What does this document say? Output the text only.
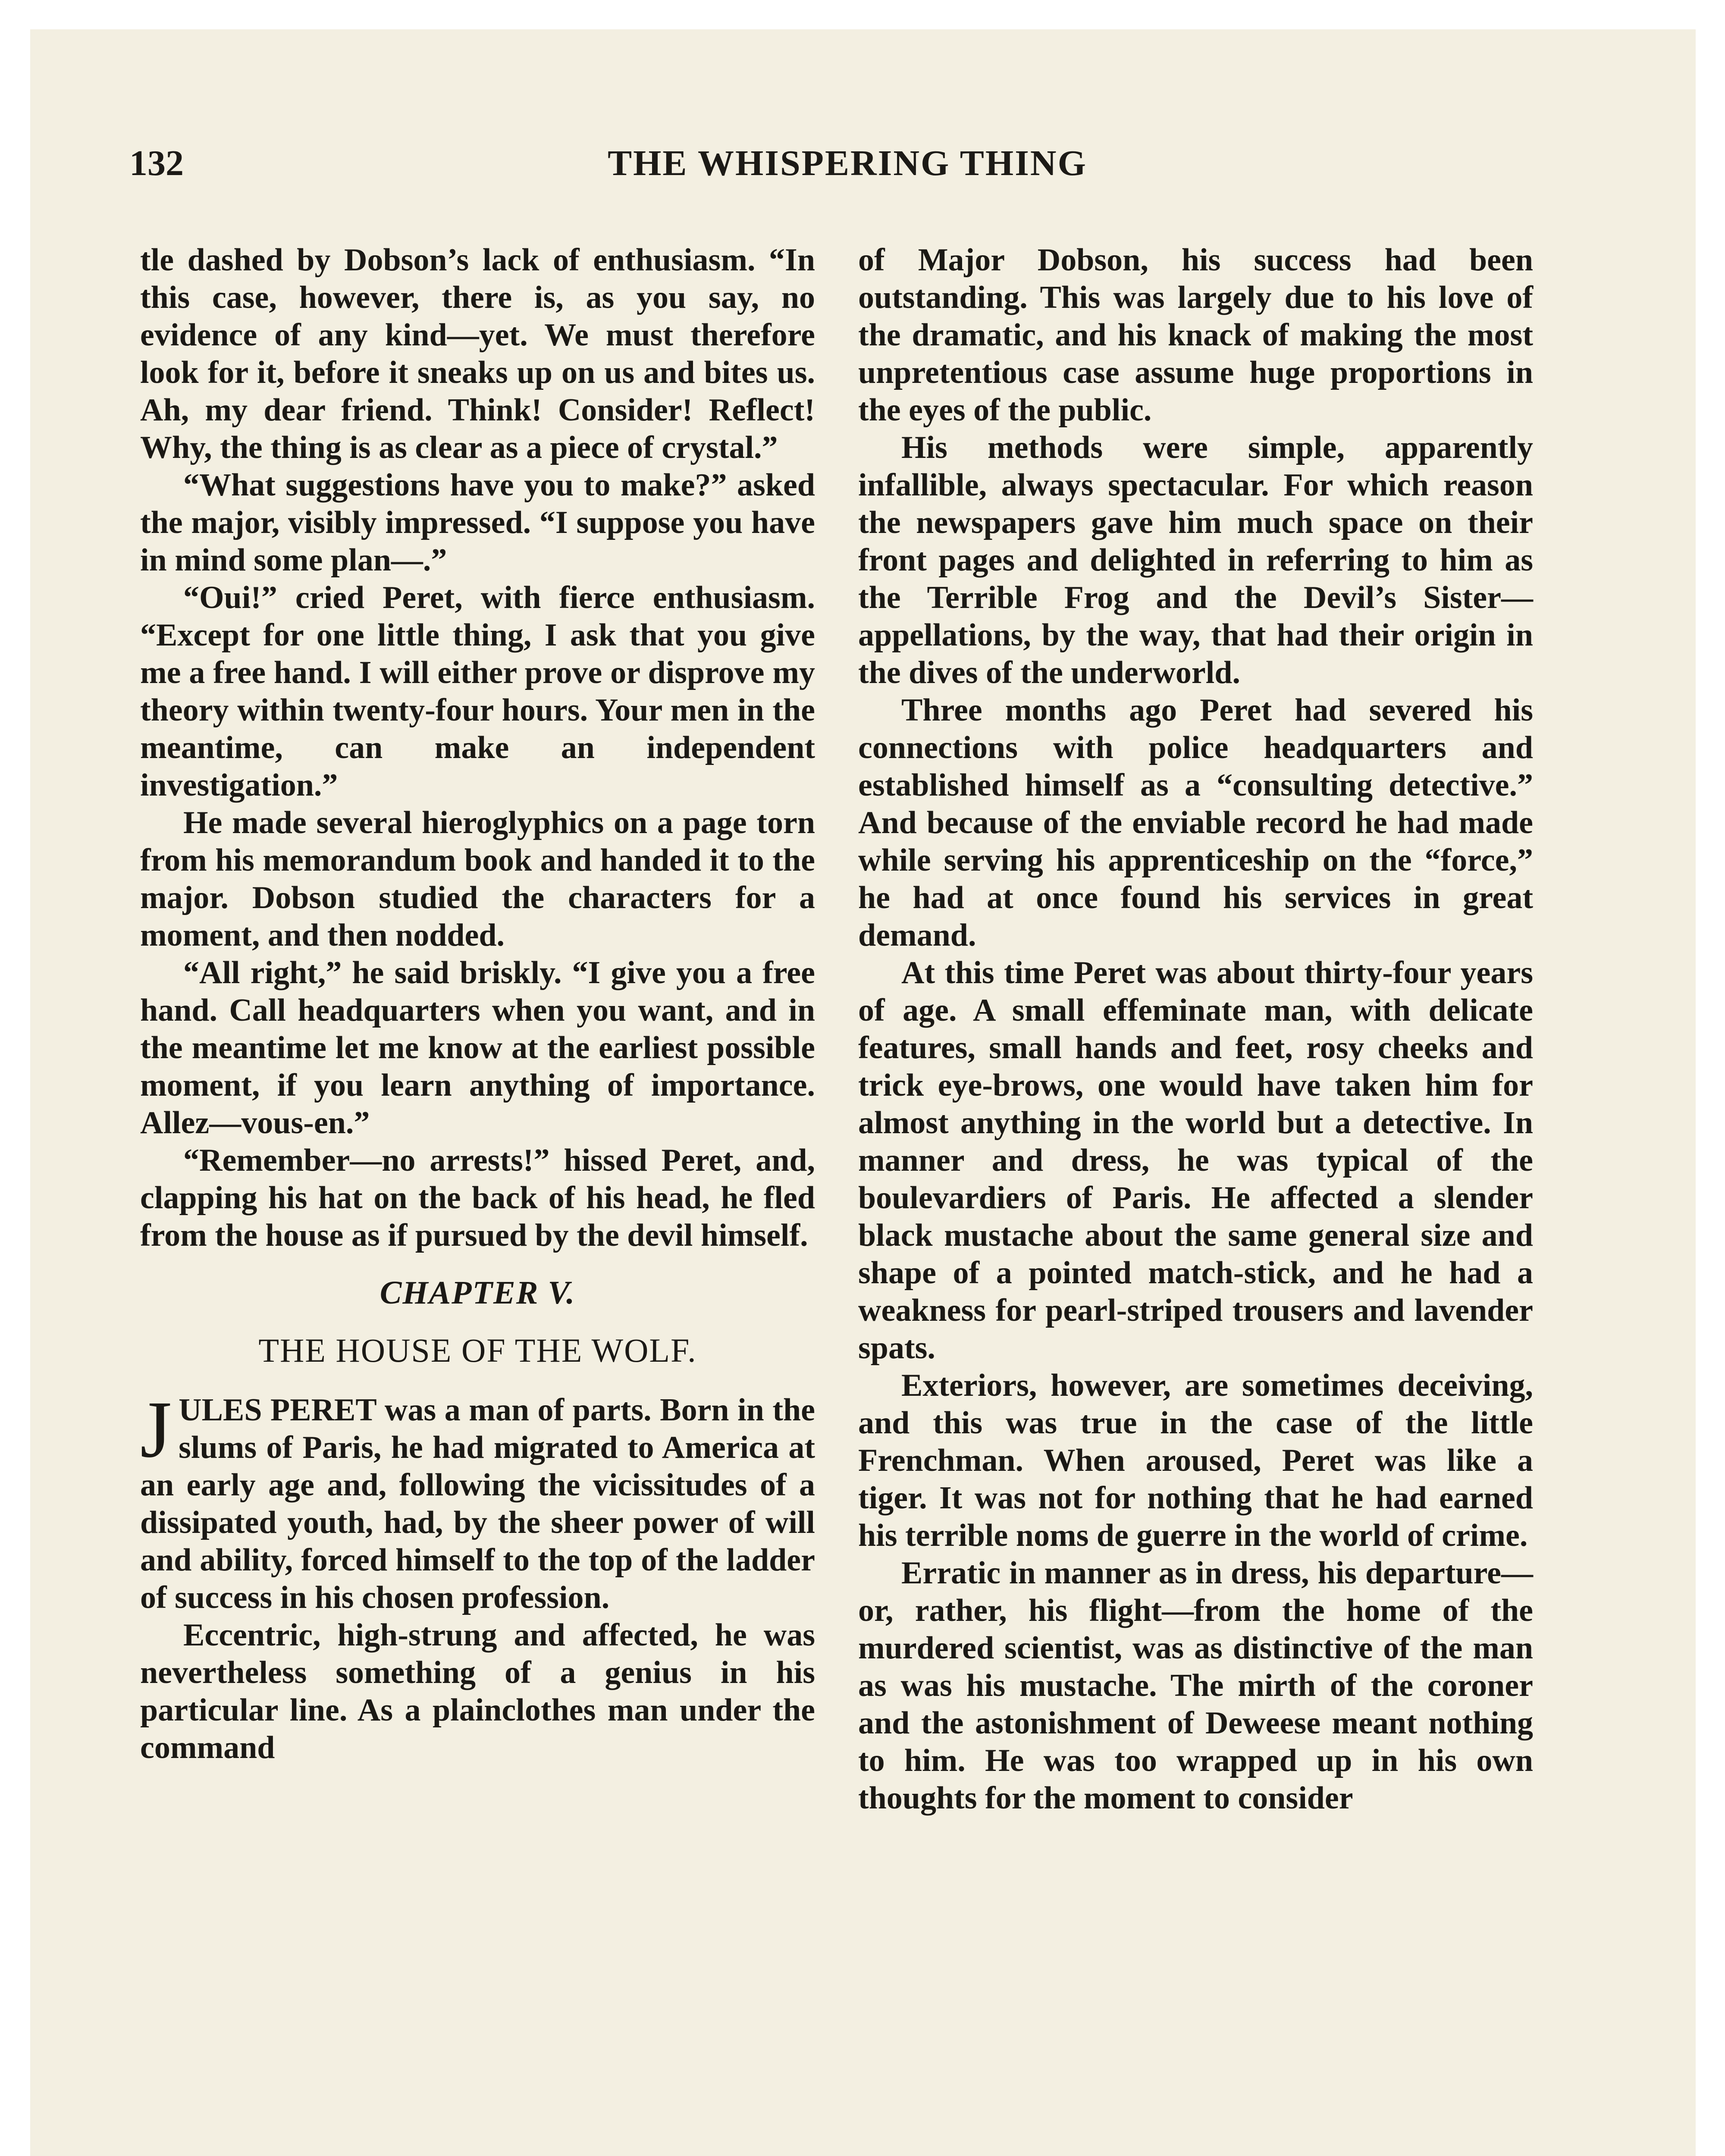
132	THE WHISPERING THING

tle dashed by Dobson’s lack of enthusiasm. “In this case, however, there is, as you say, no evidence of any kind—yet. We must therefore look for it, before it sneaks up on us and bites us. Ah, my dear friend. Think! Consider! Reflect! Why, the thing is as clear as a piece of crystal.”

“What suggestions have you to make?” asked the major, visibly impressed. “I suppose you have in mind some plan—.”

“Oui!” cried Peret, with fierce enthusiasm. “Except for one little thing, I ask that you give me a free hand. I will either prove or disprove my theory within twenty-four hours. Your men in the meantime, can make an independent investigation.”

He made several hieroglyphics on a page torn from his memorandum book and handed it to the major. Dobson studied the characters for a moment, and then nodded.

“All right,” he said briskly. “I give you a free hand. Call headquarters when you want, and in the meantime let me know at the earliest possible moment, if you learn anything of importance. Allez—vous-en.”

“Remember—no arrests!” hissed Peret, and, clapping his hat on the back of his head, he fled from the house as if pursued by the devil himself.

CHAPTER V.

THE HOUSE OF THE WOLF.

JULES PERET was a man of parts. Born in the slums of Paris, he had migrated to America at an early age and, following the vicissitudes of a dissipated youth, had, by the sheer power of will and ability, forced himself to the top of the ladder of success in his chosen profession.

Eccentric, high-strung and affected, he was nevertheless something of a genius in his particular line. As a plainclothes man under the command

of Major Dobson, his success had been outstanding. This was largely due to his love of the dramatic, and his knack of making the most unpretentious case assume huge proportions in the eyes of the public.

His methods were simple, apparently infallible, always spectacular. For which reason the newspapers gave him much space on their front pages and delighted in referring to him as the Terrible Frog and the Devil’s Sister—appellations, by the way, that had their origin in the dives of the underworld.

Three months ago Peret had severed his connections with police headquarters and established himself as a “consulting detective.” And because of the enviable record he had made while serving his apprenticeship on the “force,” he had at once found his services in great demand.

At this time Peret was about thirty-four years of age. A small effeminate man, with delicate features, small hands and feet, rosy cheeks and trick eye-brows, one would have taken him for almost anything in the world but a detective. In manner and dress, he was typical of the boulevardiers of Paris. He affected a slender black mustache about the same general size and shape of a pointed match-stick, and he had a weakness for pearl-striped trousers and lavender spats.

Exteriors, however, are sometimes deceiving, and this was true in the case of the little Frenchman. When aroused, Peret was like a tiger. It was not for nothing that he had earned his terrible noms de guerre in the world of crime.

Erratic in manner as in dress, his departure—or, rather, his flight—from the home of the murdered scientist, was as distinctive of the man as was his mustache. The mirth of the coroner and the astonishment of Deweese meant nothing to him. He was too wrapped up in his own thoughts for the moment to consider
